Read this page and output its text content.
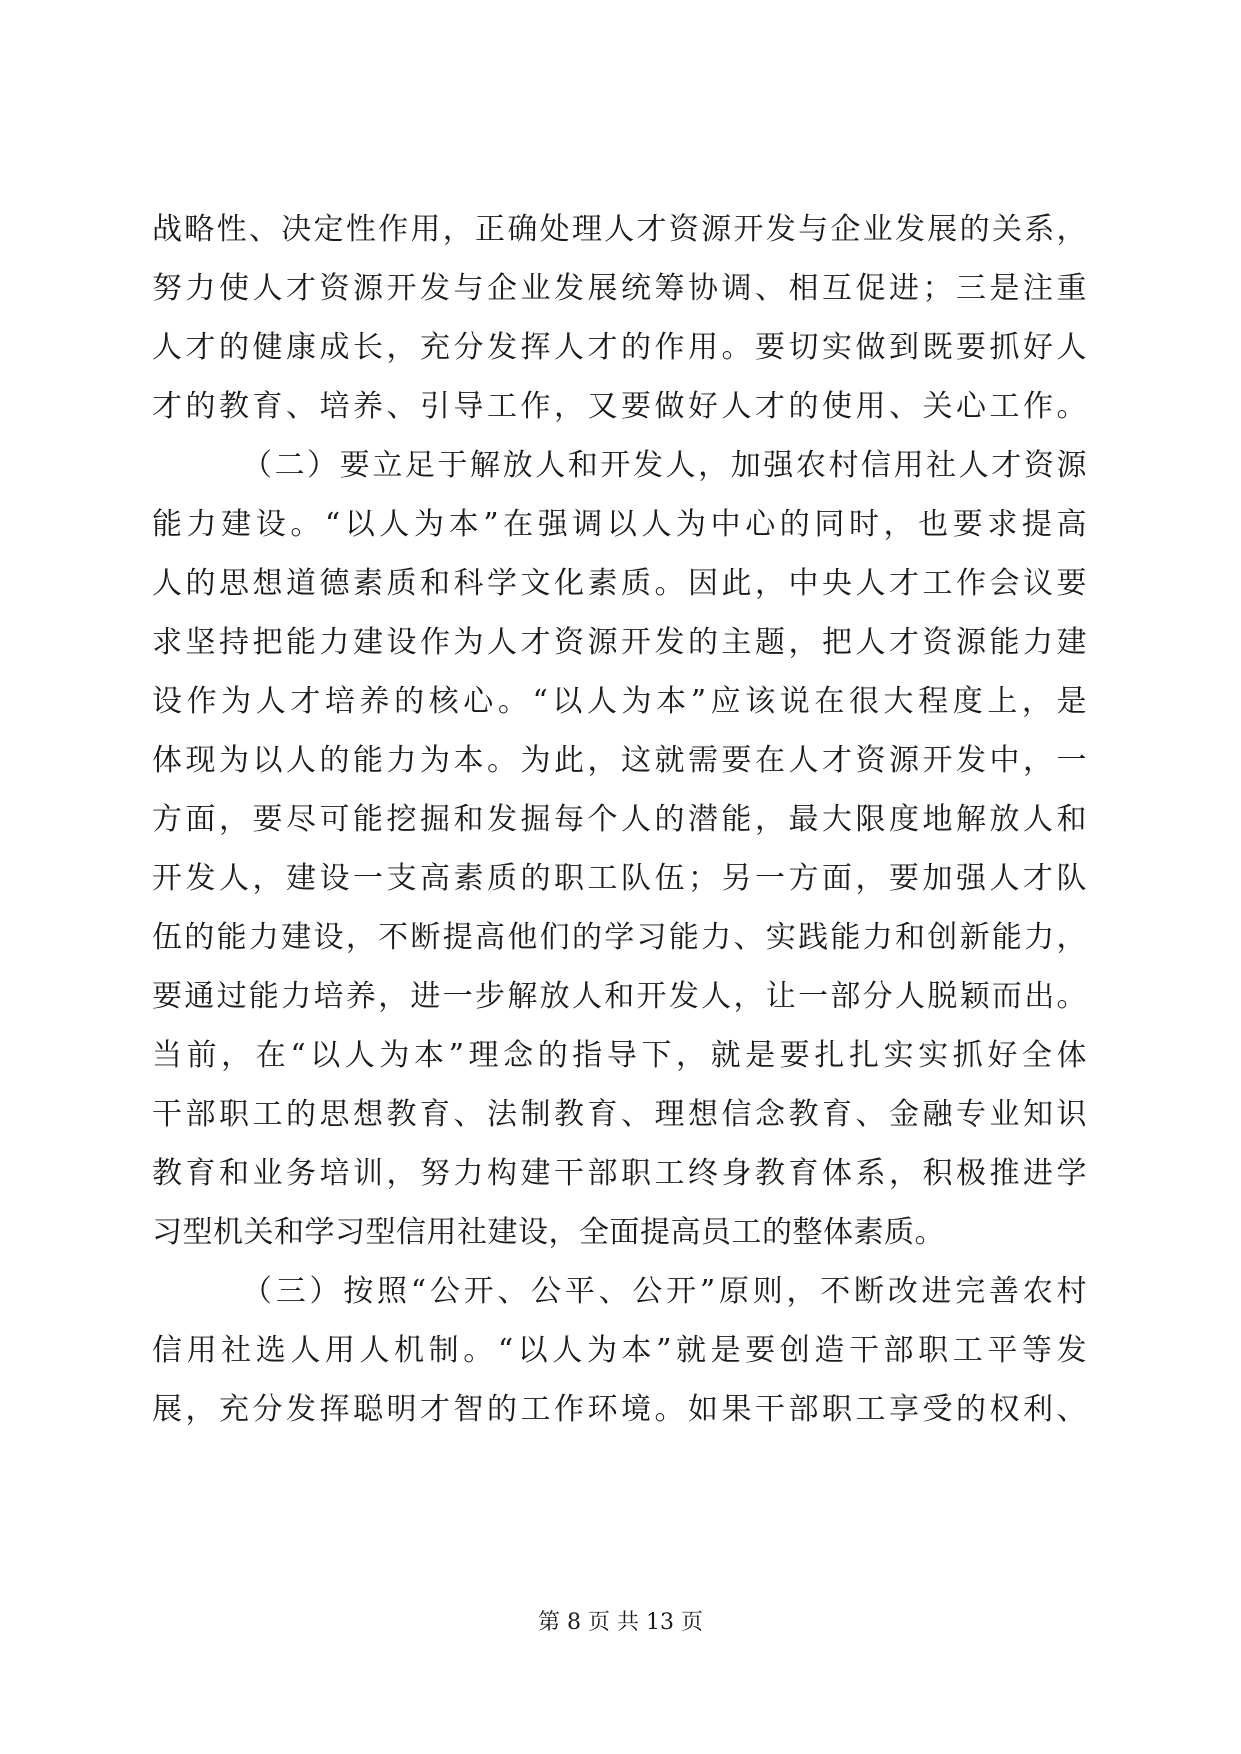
战略性、决定性作用，正确处理人才资源开发与企业发展的关系，
努力使人才资源开发与企业发展统筹协调、相互促进；三是注重
人才的健康成长，充分发挥人才的作用。要切实做到既要抓好人
才的教育、培养、引导工作，又要做好人才的使用、关心工作。
（二）要立足于解放人和开发人，加强农村信用社人才资源
能力建设。“以人为本”在强调以人为中心的同时，也要求提高
人的思想道德素质和科学文化素质。因此，中央人才工作会议要
求坚持把能力建设作为人才资源开发的主题，把人才资源能力建
设作为人才培养的核心。“以人为本”应该说在很大程度上，是
体现为以人的能力为本。为此，这就需要在人才资源开发中，一
方面，要尽可能挖掘和发掘每个人的潜能，最大限度地解放人和
开发人，建设一支高素质的职工队伍；另一方面，要加强人才队
伍的能力建设，不断提高他们的学习能力、实践能力和创新能力，
要通过能力培养，进一步解放人和开发人，让一部分人脱颖而出。
当前，在“以人为本”理念的指导下，就是要扎扎实实抓好全体
干部职工的思想教育、法制教育、理想信念教育、金融专业知识
教育和业务培训，努力构建干部职工终身教育体系，积极推进学
习型机关和学习型信用社建设，全面提高员工的整体素质。
（三）按照“公开、公平、公开”原则，不断改进完善农村
信用社选人用人机制。“以人为本”就是要创造干部职工平等发
展，充分发挥聪明才智的工作环境。如果干部职工享受的权利、
第 8 页 共 13 页
